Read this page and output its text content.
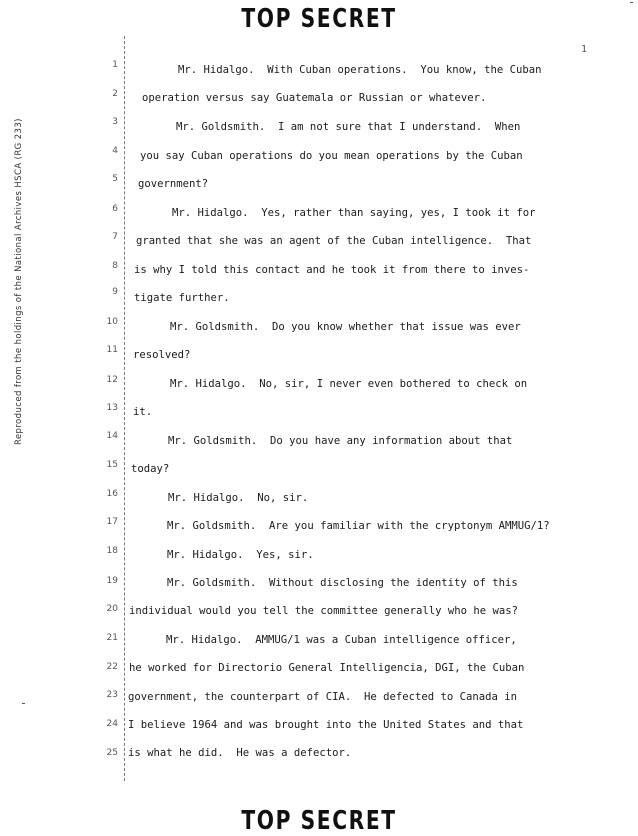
TOP SECRET
Reproduced from the holdings of the National Archives HSCA (RG 233)
1
1
2
3
4
5
6
7
8
9
10
11
12
13
14
15
16
17
18
19
20
21
22
23
24
25
Mr. Hidalgo.  With Cuban operations.  You know, the Cuban
operation versus say Guatemala or Russian or whatever.
Mr. Goldsmith.  I am not sure that I understand.  When
you say Cuban operations do you mean operations by the Cuban
government?
Mr. Hidalgo.  Yes, rather than saying, yes, I took it for
granted that she was an agent of the Cuban intelligence.  That
is why I told this contact and he took it from there to inves-
tigate further.
Mr. Goldsmith.  Do you know whether that issue was ever
resolved?
Mr. Hidalgo.  No, sir, I never even bothered to check on
it.
Mr. Goldsmith.  Do you have any information about that
today?
Mr. Hidalgo.  No, sir.
Mr. Goldsmith.  Are you familiar with the cryptonym AMMUG/1?
Mr. Hidalgo.  Yes, sir.
Mr. Goldsmith.  Without disclosing the identity of this
individual would you tell the committee generally who he was?
Mr. Hidalgo.  AMMUG/1 was a Cuban intelligence officer,
he worked for Directorio General Intelligencia, DGI, the Cuban
government, the counterpart of CIA.  He defected to Canada in
I believe 1964 and was brought into the United States and that
is what he did.  He was a defector.
TOP SECRET
